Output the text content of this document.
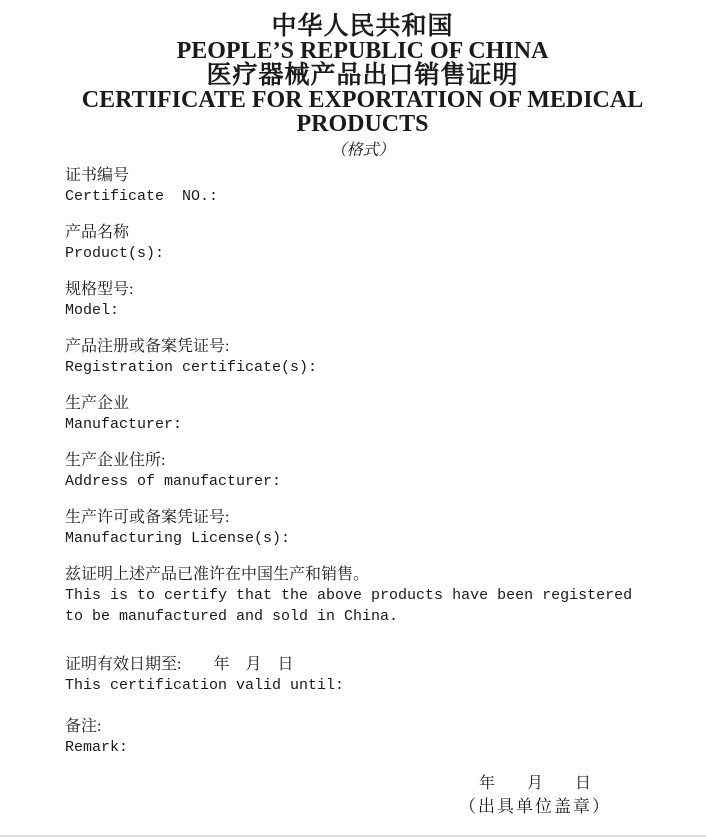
中华人民共和国
PEOPLE’S REPUBLIC OF CHINA
医疗器械产品出口销售证明
CERTIFICATE FOR EXPORTATION OF MEDICAL PRODUCTS
（格式）
证书编号
Certificate  NO.:
产品名称
Product(s):
规格型号:
Model:
产品注册或备案凭证号:
Registration certificate(s):
生产企业
Manufacturer:
生产企业住所:
Address of manufacturer:
生产许可或备案凭证号:
Manufacturing License(s):
兹证明上述产品已准许在中国生产和销售。
This is to certify that the above products have been registered to be manufactured and sold in China.
证明有效日期至:　　年　月　日
This certification valid until:
备注:
Remark:
年　　月　　日
（出具单位盖章）
